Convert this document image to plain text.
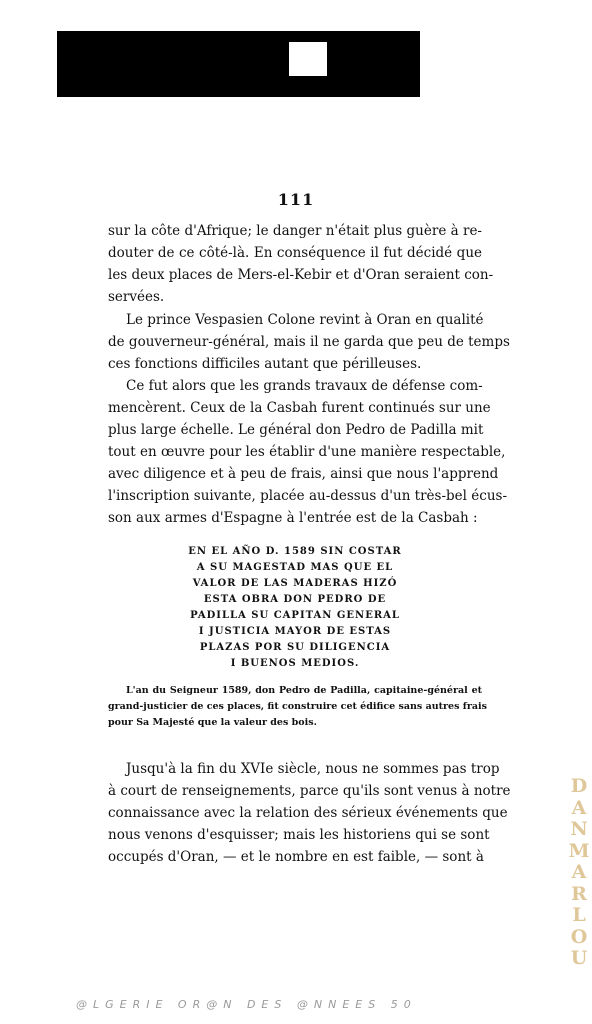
111
sur la côte d'Afrique; le danger n'était plus guère à re-
douter de ce côté-là. En conséquence il fut décidé que
les deux places de Mers-el-Kebir et d'Oran seraient con-
servées.
Le prince Vespasien Colone revint à Oran en qualité
de gouverneur-général, mais il ne garda que peu de temps
ces fonctions difficiles autant que périlleuses.
Ce fut alors que les grands travaux de défense com-
mencèrent. Ceux de la Casbah furent continués sur une
plus large échelle. Le général don Pedro de Padilla mit
tout en œuvre pour les établir d'une manière respectable,
avec diligence et à peu de frais, ainsi que nous l'apprend
l'inscription suivante, placée au-dessus d'un très-bel écus-
son aux armes d'Espagne à l'entrée est de la Casbah :
EN EL AÑO D. 1589 SIN COSTAR
A SU MAGESTAD MAS QUE EL
VALOR DE LAS MADERAS HIZÓ
ESTA OBRA DON PEDRO DE
PADILLA SU CAPITAN GENERAL
I JUSTICIA MAYOR DE ESTAS
PLAZAS POR SU DILIGENCIA
I BUENOS MEDIOS.
L'an du Seigneur 1589, don Pedro de Padilla, capitaine-général et
grand-justicier de ces places, fit construire cet édifice sans autres frais
pour Sa Majesté que la valeur des bois.
Jusqu'à la fin du XVIe siècle, nous ne sommes pas trop
à court de renseignements, parce qu'ils sont venus à notre
connaissance avec la relation des sérieux événements que
nous venons d'esquisser; mais les historiens qui se sont
occupés d'Oran, — et le nombre en est faible, — sont à
DANMARLOU
@LGERIE OR@N DES @NNEES 50
